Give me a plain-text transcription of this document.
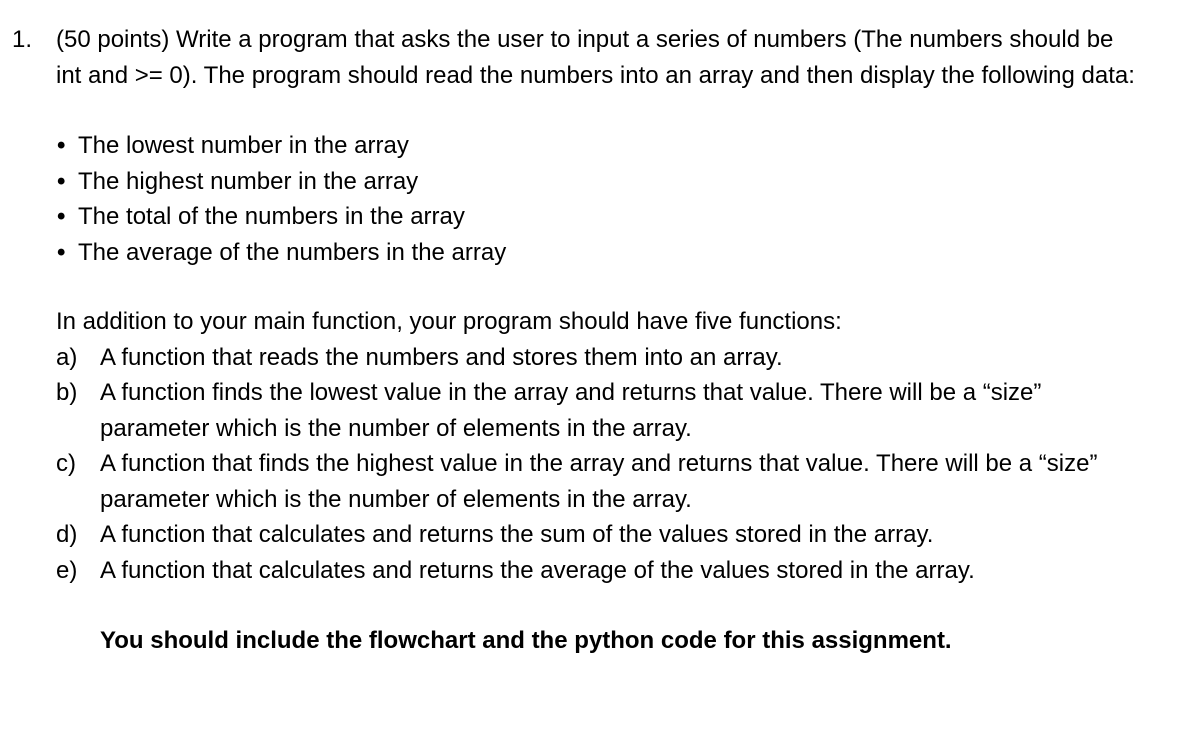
1. (50 points) Write a program that asks the user to input a series of numbers (The numbers should be int and >= 0). The program should read the numbers into an array and then display the following data:
• The lowest number in the array
• The highest number in the array
• The total of the numbers in the array
• The average of the numbers in the array
In addition to your main function, your program should have five functions:
a) A function that reads the numbers and stores them into an array.
b) A function finds the lowest value in the array and returns that value. There will be a “size” parameter which is the number of elements in the array.
c) A function that finds the highest value in the array and returns that value. There will be a “size” parameter which is the number of elements in the array.
d) A function that calculates and returns the sum of the values stored in the array.
e) A function that calculates and returns the average of the values stored in the array.
You should include the flowchart and the python code for this assignment.
